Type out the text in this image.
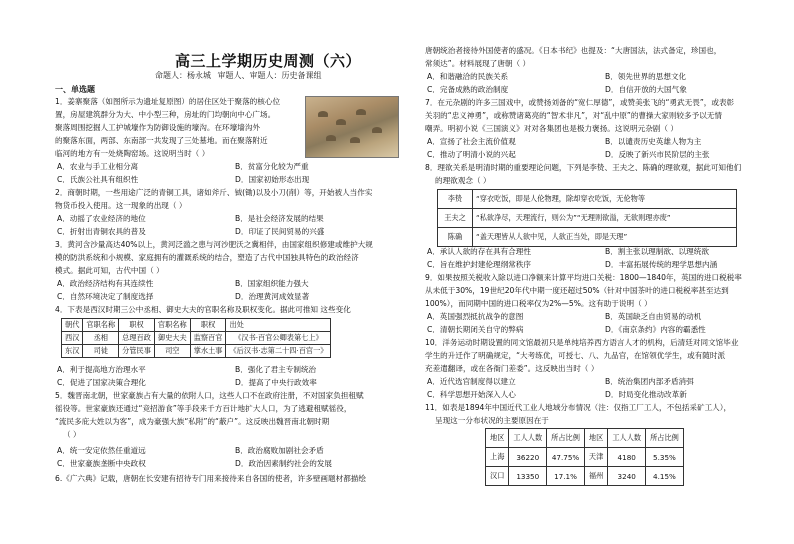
高三上学期历史周测（六）
命题人：杨永城 审题人、审题人：历史备课组
一、单选题
1．姜寨聚落（如图所示为遗址复原图）的居住区处于聚落的核心位
置，房屋建筑群分为大、中小型三种，房址的门均朝向中心广场。
聚落周围挖掘人工护城壕作为防御设施的壕沟。在环壕墙沟外
的聚落东面，两部、东南部一共发现了三处墓地。而在聚落附近
临河的地方有一处烧陶窑场。这说明当时（ ）
A．农业与手工业相分离	B．贫富分化较为严重
C．氏族公社具有组织性	D．国家初始形态出现
2．商朝时期，一些用途广泛的青铜工具，诸如斧斤、钺(锄)以及小刀(削）等，开始被人当作实
物货币投入使用。这一现象的出现（ ）
A．动摇了农业经济的地位	B．是社会经济发展的结果
C．折射出青铜农具的普及	D．印证了民间贸易的兴盛
3．黄河含沙量高达40%以上，黄河泛滥之患与河沙肥沃之冀相伴，由国家组织修建或维护大规
模的防洪系统和小规模、家庭拥有的灌溉系统的结合，塑造了古代中国独具特色的政治经济
模式。据此可知，古代中国（ ）
A．政治经济结构有其连续性	B．国家组织能力强大
C．自然环境决定了制度选择	D．治理黄河成效显著
4．下表是西汉时期三公中丞相、御史大夫的官职名称及职权变化。据此可推知 这些变化
朝代	官职名称	职权	官职名称	职权	出处
西汉	丞相	总理百政	御史大夫	监察百官	《汉书·百官公卿表第七上》
东汉	司徒	分管民事	司空	掌水土事	《后汉书·志第二十四·百官一》
A．利于提高地方治理水平	B．强化了君主专制统治
C．促进了国家决策合理化	D．提高了中央行政效率
5．魏晋南北朝，世家豪族占有大量的依附人口，这些人口不在政府注册，不对国家负担租赋
徭役等。世家豪族还通过“竞招游食”等手段来千方百计地扩大人口，为了逃避租赋徭役，
“流民多庇大姓以为客”，成为豪强大族“私附”的“蔽户”。这反映出魏晋南北朝时期
（ ）
A．统一安定依然任重道远	B．政治腐败加剧社会矛盾
C．世家豪族垄断中央政权	D．政治因素制约社会的发展
6.《广六典》记载，唐朝在长安建有招待专门用来接待来自各国的使者，许多壁画题材都描绘
唐朝统治者接待外国使者的盛况。《日本书纪》也提及：“大唐国法，法式备定，珍国也，
常须达”。材料展现了唐朝（ ）
A．和谐融洽的民族关系	B．领先世界的思想文化
C．完备成熟的政治制度	D．自信开放的大国气象
7．在元杂剧的许多三国戏中，或赞扬刘备的“宽仁厚德”，或赞美张飞的“勇武无畏”，或表彰
关羽的“忠义神勇”，或称赞诸葛亮的“智术非凡”，对“乱中原”的曹操大家则较多予以无情
嘲弄。明初小说《三国演义》对对各集团也是极力褒扬。这说明元杂剧（ ）
A．宣扬了社会主流价值观	B．以谴责历史英雄人物为主
C．推动了明清小说的兴起	D．反映了新兴市民阶层的主张
8．理欲关系是明清时期的重要理论问题，下列是李贽、王夫之、陈确的理欲观，据此可知他们
的理欲观念（ ）
李贽	“穿衣吃饭，即是人伦物理，除却穿衣吃饭，无伦物等
王夫之	“私欲净尽，天理流行，则公为”“无理则欲溢，无欲则理亦废”
陈确	“盖天理皆从人欲中见，人欲正当处，即是天理”
A．承认人欲的存在具有合理性	B．割主张以理制欲、以理统欲
C．旨在维护封建伦理纲常秩序	D．丰富拓展传统的理学思想内涵
9．如果按照关税收入除以进口净额来计算平均进口关税：1800—1840年，英国的进口税税率
从未低于30%，19世纪20年代中期一度还超过50%（针对中国茶叶的进口税税率甚至达到
100%），而同期中国的进口税率仅为2%—5%。这有助于说明（ ）
A．英国强烈抵抗战争的意图	B．英国缺乏自由贸易的动机
C．清朝长期闭关自守的弊病	D．《南京条约》内容的霸悉性
10．洋务运动时期设置的同文馆最初只是单纯培养西方语言人才的机构，后清廷对同文馆毕业
学生的升迁作了明确规定，“大考练优，可授七、八、九品官，在馆领优学生，或有随时派
充差遣翻译，或在各衙门差委”。这反映出当时（ ）
A．近代选官制度得以建立	B．统治集团内部矛盾消弭
C．科学思想开始深入人心	D．时局变化推动改革新
11．如表是1894年中国近代工业人地域分布情况（注：仅指工厂工人，不包括采矿工人），
呈现这一分布状况的主要原因在于
地区	工人人数	所占比例	地区	工人人数	所占比例
上海	36220	47.75%	天津	4180	5.35%
汉口	13350	17.1%	福州	3240	4.15%
